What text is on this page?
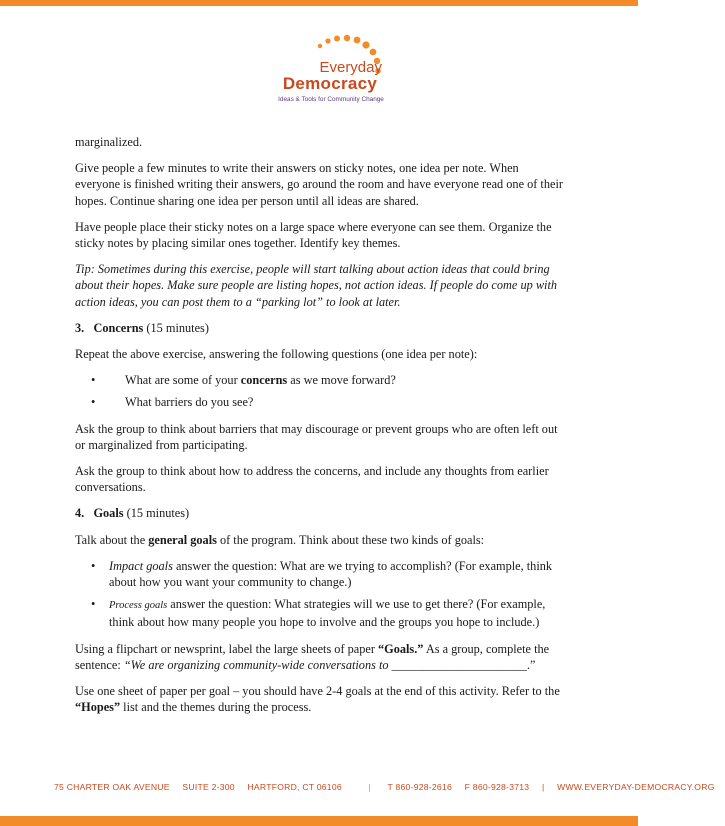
Everyday
Democracy
Ideas & Tools for Community Change

marginalized.

Give people a few minutes to write their answers on sticky notes, one idea per note. When everyone is finished writing their answers, go around the room and have everyone read one of their hopes. Continue sharing one idea per person until all ideas are shared.

Have people place their sticky notes on a large space where everyone can see them. Organize the sticky notes by placing similar ones together. Identify key themes.

Tip: Sometimes during this exercise, people will start talking about action ideas that could bring about their hopes. Make sure people are listing hopes, not action ideas. If people do come up with action ideas, you can post them to a “parking lot” to look at later.

3. Concerns (15 minutes)

Repeat the above exercise, answering the following questions (one idea per note):

• What are some of your concerns as we move forward?
• What barriers do you see?

Ask the group to think about barriers that may discourage or prevent groups who are often left out or marginalized from participating.

Ask the group to think about how to address the concerns, and include any thoughts from earlier conversations.

4. Goals (15 minutes)

Talk about the general goals of the program. Think about these two kinds of goals:

• Impact goals answer the question: What are we trying to accomplish? (For example, think about how you want your community to change.)
• Process goals answer the question: What strategies will we use to get there? (For example, think about how many people you hope to involve and the groups you hope to include.)

Using a flipchart or newsprint, label the large sheets of paper “Goals.” As a group, complete the sentence: “We are organizing community-wide conversations to ______________________.”

Use one sheet of paper per goal – you should have 2-4 goals at the end of this activity. Refer to the “Hopes” list and the themes during the process.

75 CHARTER OAK AVENUE SUITE 2-300 HARTFORD, CT 06106	| T 860-928-2616 F 860-928-3713 | WWW.EVERYDAY-DEMOCRACY.ORG
